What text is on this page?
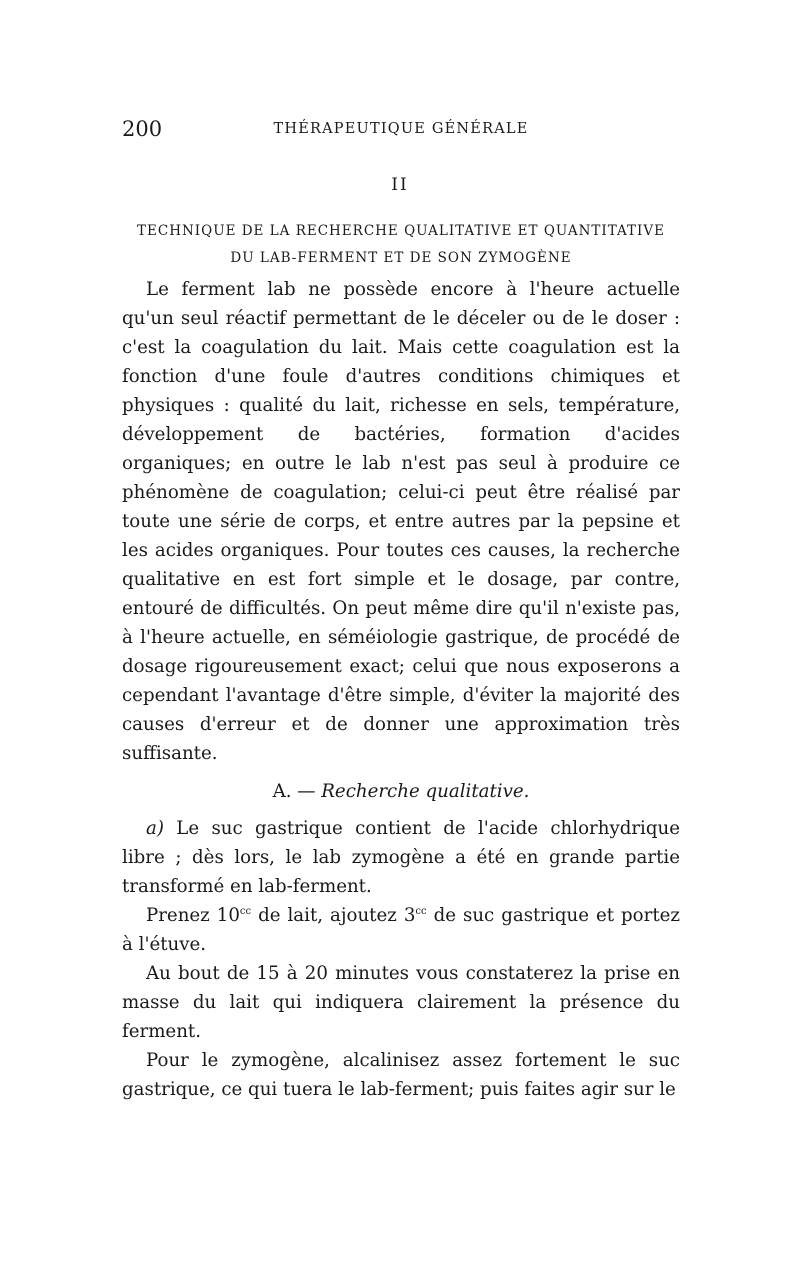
200	THÉRAPEUTIQUE GÉNÉRALE
II
TECHNIQUE DE LA RECHERCHE QUALITATIVE ET QUANTITATIVE
DU LAB-FERMENT ET DE SON ZYMOGÈNE

Le ferment lab ne possède encore à l'heure actuelle qu'un seul réactif permettant de le déceler ou de le doser : c'est la coagulation du lait. Mais cette coagulation est la fonction d'une foule d'autres conditions chimiques et physiques : qualité du lait, richesse en sels, température, développement de bactéries, formation d'acides organiques; en outre le lab n'est pas seul à produire ce phénomène de coagulation; celui-ci peut être réalisé par toute une série de corps, et entre autres par la pepsine et les acides organiques. Pour toutes ces causes, la recherche qualitative en est fort simple et le dosage, par contre, entouré de difficultés. On peut même dire qu'il n'existe pas, à l'heure actuelle, en séméiologie gastrique, de procédé de dosage rigoureusement exact; celui que nous exposerons a cependant l'avantage d'être simple, d'éviter la majorité des causes d'erreur et de donner une approximation très suffisante.

A. — Recherche qualitative.

a) Le suc gastrique contient de l'acide chlorhydrique libre ; dès lors, le lab zymogène a été en grande partie transformé en lab-ferment.

Prenez $10^{cc}$ de lait, ajoutez $3^{cc}$ de suc gastrique et portez à l'étuve.

Au bout de 15 à 20 minutes vous constaterez la prise en masse du lait qui indiquera clairement la présence du ferment.

Pour le zymogène, alcalinisez assez fortement le suc gastrique, ce qui tuera le lab-ferment; puis faites agir sur le
